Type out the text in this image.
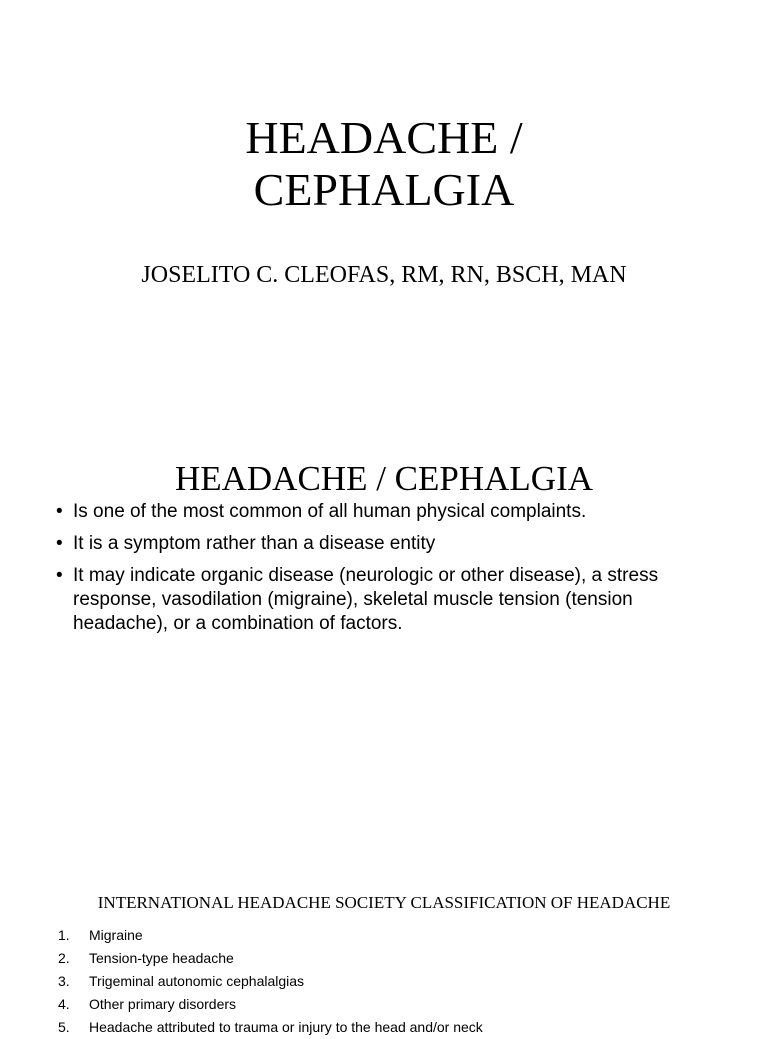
HEADACHE /
CEPHALGIA
JOSELITO C. CLEOFAS, RM, RN, BSCH, MAN
HEADACHE / CEPHALGIA
• Is one of the most common of all human physical complaints.
• It is a symptom rather than a disease entity
• It may indicate organic disease (neurologic or other disease), a stress response, vasodilation (migraine), skeletal muscle tension (tension headache), or a combination of factors.
INTERNATIONAL HEADACHE SOCIETY CLASSIFICATION OF HEADACHE
1. Migraine
2. Tension-type headache
3. Trigeminal autonomic cephalalgias
4. Other primary disorders
5. Headache attributed to trauma or injury to the head and/or neck
